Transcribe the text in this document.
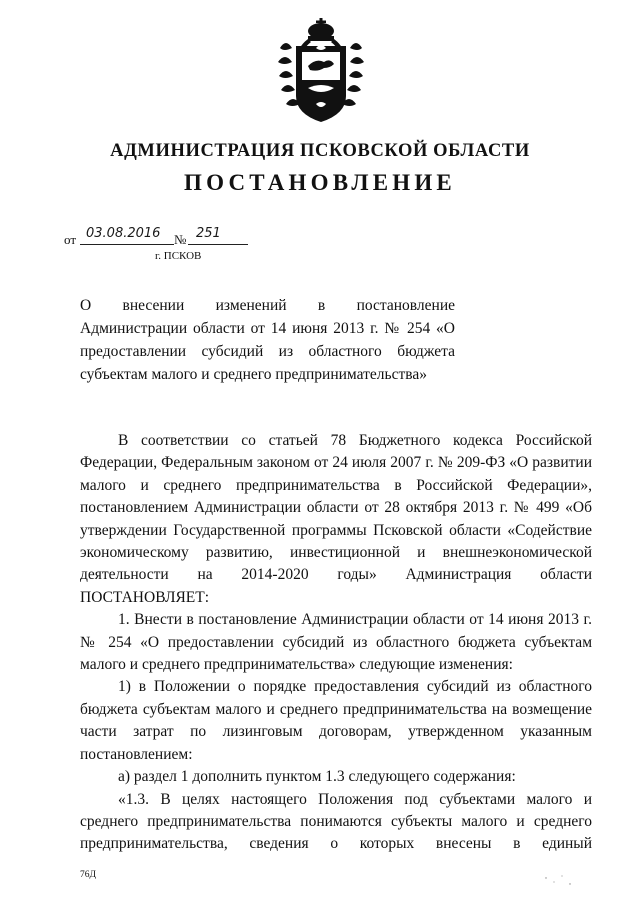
АДМИНИСТРАЦИЯ ПСКОВСКОЙ ОБЛАСТИ
ПОСТАНОВЛЕНИЕ
от 03.08.2016 № 251
г. ПСКОВ
О внесении изменений в постановление Администрации области от 14 июня 2013 г. № 254 «О предоставлении субсидий из областного бюджета субъектам малого и среднего предпринимательства»

В соответствии со статьей 78 Бюджетного кодекса Российской Федерации, Федеральным законом от 24 июля 2007 г. № 209-ФЗ «О развитии малого и среднего предпринимательства в Российской Федерации», постановлением Администрации области от 28 октября 2013 г. № 499 «Об утверждении Государственной программы Псковской области «Содействие экономическому развитию, инвестиционной и внешнеэкономической деятельности на 2014-2020 годы» Администрация области ПОСТАНОВЛЯЕТ:

1. Внести в постановление Администрации области от 14 июня 2013 г. № 254 «О предоставлении субсидий из областного бюджета субъектам малого и среднего предпринимательства» следующие изменения:

1) в Положении о порядке предоставления субсидий из областного бюджета субъектам малого и среднего предпринимательства на возмещение части затрат по лизинговым договорам, утвержденном указанным постановлением:

а) раздел 1 дополнить пунктом 1.3 следующего содержания:

«1.3. В целях настоящего Положения под субъектами малого и среднего предпринимательства понимаются субъекты малого и среднего предпринимательства, сведения о которых внесены в единый

76Д
